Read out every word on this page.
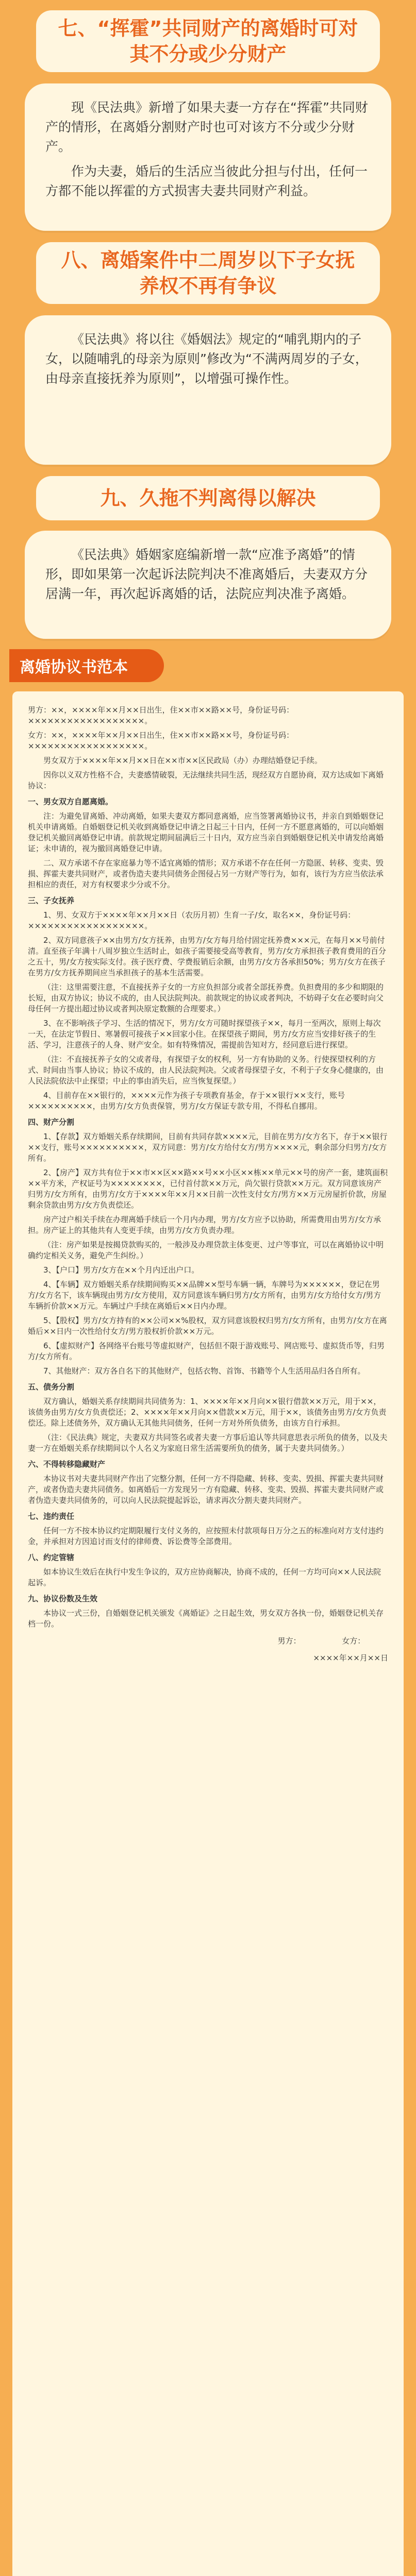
七、“挥霍”共同财产的离婚时可对其不分或少分财产

现《民法典》新增了如果夫妻一方存在“挥霍”共同财产的情形，在离婚分割财产时也可对该方不分或少分财产。

作为夫妻，婚后的生活应当彼此分担与付出，任何一方都不能以挥霍的方式损害夫妻共同财产利益。

八、离婚案件中二周岁以下子女抚养权不再有争议

《民法典》将以往《婚姻法》规定的“哺乳期内的子女，以随哺乳的母亲为原则”修改为“不满两周岁的子女，由母亲直接抚养为原则”，以增强可操作性。

九、久拖不判离得以解决

《民法典》婚姻家庭编新增一款“应准予离婚”的情形，即如果第一次起诉法院判决不准离婚后，夫妻双方分居满一年，再次起诉离婚的话，法院应判决准予离婚。

离婚协议书范本

男方：××，××××年××月××日出生，住××市××路××号，身份证号码：××××××××××××××××××。

女方：××，××××年××月××日出生，住××市××路××号，身份证号码：××××××××××××××××××。

男女双方于××××年××月××日在××市××区民政局（办）办理结婚登记手续。

因你以义双方性格不合，夫妻感情破裂，无法继续共同生活，现经双方自愿协商，双方达成如下离婚协议：

一、男女双方自愿离婚。

注：为避免冒离婚、冲动离婚，如果夫妻双方都同意离婚，应当签署离婚协议书，并亲自到婚姻登记机关申请离婚。自婚姻登记机关收到离婚登记申请之日起三十日内，任何一方不愿意离婚的，可以向婚姻登记机关撤回离婚登记申请。前款规定期间届满后三十日内，双方应当亲自到婚姻登记机关申请发给离婚证；未申请的，视为撤回离婚登记申请。

二、双方承诺不存在家庭暴力等不适宜离婚的情形；双方承诺不存在任何一方隐匿、转移、变卖、毁损、挥霍夫妻共同财产，或者伪造夫妻共同债务企图侵占另一方财产等行为，如有，该行为方应当依法承担相应的责任，对方有权要求少分或不分。

三、子女抚养

1、男、女双方于××××年××月××日（农历月初）生育一子/女，取名××，身份证号码：××××××××××××××××××。

2、双方同意孩子××由男方/女方抚养，由男方/女方每月给付固定抚养费×××元，在每月××号前付清。直至孩子年满十八周岁独立生活时止，如孩子需要接受高等教育，男方/女方承担孩子教育费用的百分之五十，男/女方按实际支付。孩子医疗费、学费报销后余额，由男方/女方各承担50%；男方/女方在孩子在男方/女方抚养期间应当承担孩子的基本生活需要。

（注：这里需要注意，不直接抚养子女的一方应负担部分或者全部抚养费。负担费用的多少和期限的长短，由双方协议；协议不成的，由人民法院判决。前款规定的协议或者判决，不妨碍子女在必要时向父母任何一方提出超过协议或者判决原定数额的合理要求。）

3、在不影响孩子学习、生活的情况下，男方/女方可随时探望孩子××，每月一至两次，原则上每次一天，在法定节假日、寒暑假可接孩子××回家小住。在探望孩子期间，男方/女方应当安排好孩子的生活、学习，注意孩子的人身、财产安全。如有特殊情况，需提前告知对方，经同意后进行探望。

（注：不直接抚养子女的父或者母，有探望子女的权利，另一方有协助的义务。行使探望权利的方式、时间由当事人协议；协议不成的，由人民法院判决。父或者母探望子女，不利于子女身心健康的，由人民法院依法中止探望；中止的事由消失后，应当恢复探望。）

4、目前存在××银行的，××××元作为孩子专项教育基金，存于××银行××支行，账号××××××××××，由男方/女方负责保管，男方/女方保证专款专用，不得私自挪用。

四、财产分割

1、【存款】双方婚姻关系存续期间，目前有共同存款××××元，目前在男方/女方名下，存于××银行××支行，账号××××××××××，双方同意：男方/女方给付女方/男方××××元，剩余部分归男方/女方所有。

2、【房产】双方共有位于××市××区××路××号××小区××栋××单元××号的房产一套，建筑面积××平方米，产权证号为××××××××，已付首付款××万元，尚欠银行贷款××万元。双方同意该房产归男方/女方所有，由男方/女方于××××年××月××日前一次性支付女方/男方××万元房屋折价款，房屋剩余贷款由男方/女方负责偿还。

房产过户相关手续在办理离婚手续后一个月内办理，男方/女方应予以协助，所需费用由男方/女方承担。房产证上的其他共有人变更手续，由男方/女方负责办理。

（注：房产如果是按揭贷款购买的，一般涉及办理贷款主体变更、过户等事宜，可以在离婚协议中明确约定相关义务，避免产生纠纷。）

3、【户口】男方/女方在××个月内迁出户口。

4、【车辆】双方婚姻关系存续期间购买××品牌××型号车辆一辆，车牌号为××××××，登记在男方/女方名下，该车辆现由男方/女方使用，双方同意该车辆归男方/女方所有，由男方/女方给付女方/男方车辆折价款××万元。车辆过户手续在离婚后××日内办理。

5、【股权】男方/女方持有的××公司××%股权，双方同意该股权归男方/女方所有，由男方/女方在离婚后××日内一次性给付女方/男方股权折价款××万元。

6、【虚拟财产】各网络平台账号等虚拟财产，包括但不限于游戏账号、网店账号、虚拟货币等，归男方/女方所有。

7、其他财产：双方各自名下的其他财产，包括衣物、首饰、书籍等个人生活用品归各自所有。

五、债务分割

双方确认，婚姻关系存续期间共同债务为：1、××××年××月向××银行借款××万元，用于××，该债务由男方/女方负责偿还；2、××××年××月向××借款××万元，用于××，该债务由男方/女方负责偿还。除上述债务外，双方确认无其他共同债务，任何一方对外所负债务，由该方自行承担。

（注：《民法典》规定，夫妻双方共同签名或者夫妻一方事后追认等共同意思表示所负的债务，以及夫妻一方在婚姻关系存续期间以个人名义为家庭日常生活需要所负的债务，属于夫妻共同债务。）

六、不得转移隐藏财产

本协议书对夫妻共同财产作出了完整分割，任何一方不得隐藏、转移、变卖、毁损、挥霍夫妻共同财产，或者伪造夫妻共同债务。如离婚后一方发现另一方有隐藏、转移、变卖、毁损、挥霍夫妻共同财产或者伪造夫妻共同债务的，可以向人民法院提起诉讼，请求再次分割夫妻共同财产。

七、违约责任

任何一方不按本协议约定期限履行支付义务的，应按照未付款项每日万分之五的标准向对方支付违约金，并承担对方因追讨而支付的律师费、诉讼费等全部费用。

八、约定管辖

如本协议生效后在执行中发生争议的，双方应协商解决，协商不成的，任何一方均可向××人民法院起诉。

九、协议份数及生效

本协议一式三份，自婚姻登记机关颁发《离婚证》之日起生效，男女双方各执一份，婚姻登记机关存档一份。

男方：	女方：

××××年××月××日
